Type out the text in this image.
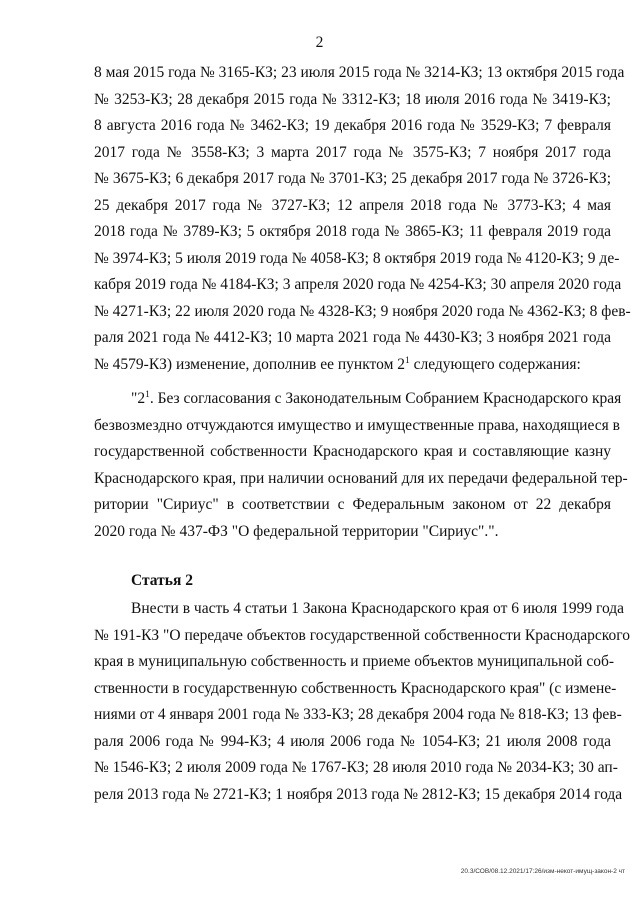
2
8 мая 2015 года № 3165-КЗ; 23 июля 2015 года № 3214-КЗ; 13 октября 2015 года
№ 3253-КЗ; 28 декабря 2015 года № 3312-КЗ; 18 июля 2016 года № 3419-КЗ;
8 августа 2016 года № 3462-КЗ; 19 декабря 2016 года № 3529-КЗ; 7 февраля
2017 года № 3558-КЗ; 3 марта 2017 года № 3575-КЗ; 7 ноября 2017 года
№ 3675-КЗ; 6 декабря 2017 года № 3701-КЗ; 25 декабря 2017 года № 3726-КЗ;
25 декабря 2017 года № 3727-КЗ; 12 апреля 2018 года № 3773-КЗ; 4 мая
2018 года № 3789-КЗ; 5 октября 2018 года № 3865-КЗ; 11 февраля 2019 года
№ 3974-КЗ; 5 июля 2019 года № 4058-КЗ; 8 октября 2019 года № 4120-КЗ; 9 де-
кабря 2019 года № 4184-КЗ; 3 апреля 2020 года № 4254-КЗ; 30 апреля 2020 года
№ 4271-КЗ; 22 июля 2020 года № 4328-КЗ; 9 ноября 2020 года № 4362-КЗ; 8 фев-
раля 2021 года № 4412-КЗ; 10 марта 2021 года № 4430-КЗ; 3 ноября 2021 года
№ 4579-КЗ) изменение, дополнив ее пунктом $2^1$ следующего содержания:
"$2^1$. Без согласования с Законодательным Собранием Краснодарского края
безвозмездно отчуждаются имущество и имущественные права, находящиеся в
государственной собственности Краснодарского края и составляющие казну
Краснодарского края, при наличии оснований для их передачи федеральной тер-
ритории "Сириус" в соответствии с Федеральным законом от 22 декабря
2020 года № 437-ФЗ "О федеральной территории "Сириус".".
Статья 2
Внести в часть 4 статьи 1 Закона Краснодарского края от 6 июля 1999 года
№ 191-КЗ "О передаче объектов государственной собственности Краснодарского
края в муниципальную собственность и приеме объектов муниципальной соб-
ственности в государственную собственность Краснодарского края" (с измене-
ниями от 4 января 2001 года № 333-КЗ; 28 декабря 2004 года № 818-КЗ; 13 фев-
раля 2006 года № 994-КЗ; 4 июля 2006 года № 1054-КЗ; 21 июля 2008 года
№ 1546-КЗ; 2 июля 2009 года № 1767-КЗ; 28 июля 2010 года № 2034-КЗ; 30 ап-
реля 2013 года № 2721-КЗ; 1 ноября 2013 года № 2812-КЗ; 15 декабря 2014 года
20.3/СОВ/08.12.2021/17:26/изм-некот-имущ-закон-2 чт
